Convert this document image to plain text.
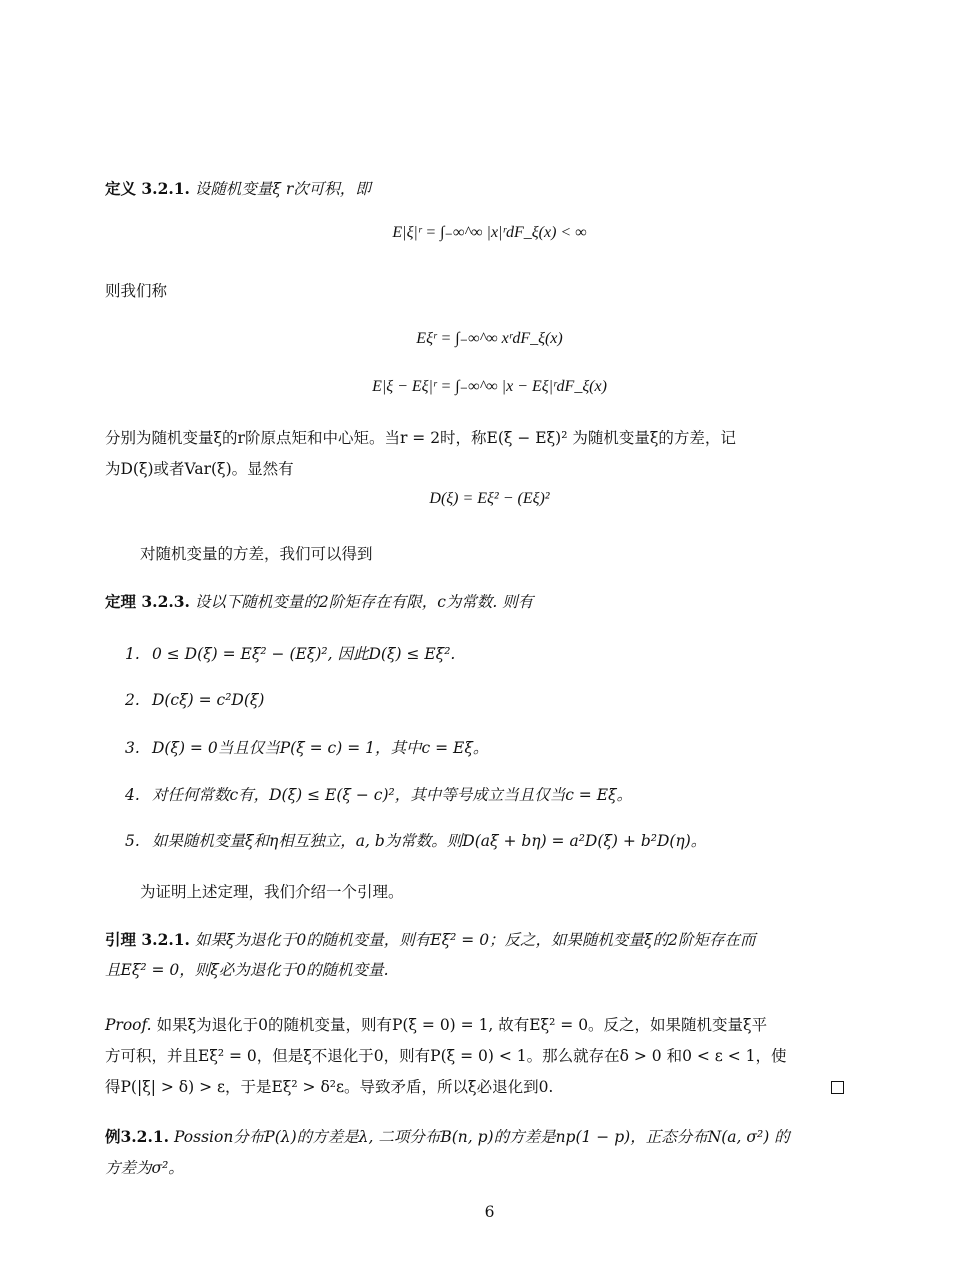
定义 3.2.1. 设随机变量ξ r次可积，即
E|ξ|ʳ = ∫₋∞^∞ |x|ʳdF_ξ(x) < ∞
则我们称
Eξʳ = ∫₋∞^∞ xʳdF_ξ(x)
E|ξ − Eξ|ʳ = ∫₋∞^∞ |x − Eξ|ʳdF_ξ(x)
分别为随机变量ξ的r阶原点矩和中心矩。当r = 2时，称E(ξ − Eξ)² 为随机变量ξ的方差，记
为D(ξ)或者Var(ξ)。显然有
D(ξ) = Eξ² − (Eξ)²
对随机变量的方差，我们可以得到
定理 3.2.3. 设以下随机变量的2阶矩存在有限，c为常数. 则有
1. 0 ≤ D(ξ) = Eξ² − (Eξ)², 因此D(ξ) ≤ Eξ².
2. D(cξ) = c²D(ξ)
3. D(ξ) = 0当且仅当P(ξ = c) = 1，其中c = Eξ。
4. 对任何常数c有，D(ξ) ≤ E(ξ − c)²，其中等号成立当且仅当c = Eξ。
5. 如果随机变量ξ和η相互独立，a, b为常数。则D(aξ + bη) = a²D(ξ) + b²D(η)。
为证明上述定理，我们介绍一个引理。
引理 3.2.1. 如果ξ为退化于0的随机变量，则有Eξ² = 0；反之，如果随机变量ξ的2阶矩存在而
且Eξ² = 0，则ξ必为退化于0的随机变量.
Proof. 如果ξ为退化于0的随机变量，则有P(ξ = 0) = 1, 故有Eξ² = 0。反之，如果随机变量ξ平
方可积，并且Eξ² = 0，但是ξ不退化于0，则有P(ξ = 0) < 1。那么就存在δ > 0 和0 < ε < 1，使
得P(|ξ| > δ) > ε，于是Eξ² > δ²ε。导致矛盾，所以ξ必退化到0.
例3.2.1. Possion分布P(λ)的方差是λ, 二项分布B(n, p)的方差是np(1 − p)，正态分布N(a, σ²) 的
方差为σ²。
6
